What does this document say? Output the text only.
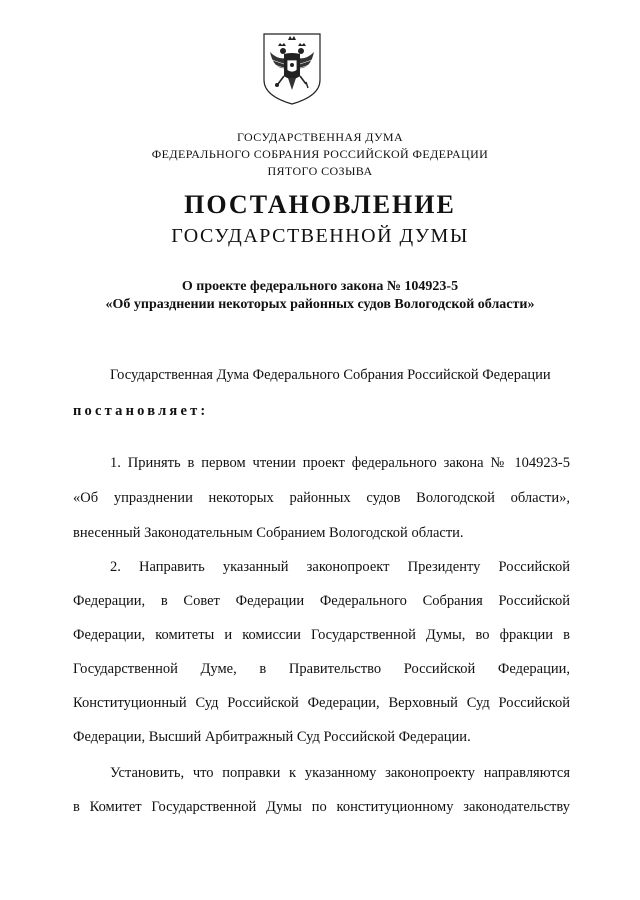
ГОСУДАРСТВЕННАЯ ДУМА
ФЕДЕРАЛЬНОГО СОБРАНИЯ РОССИЙСКОЙ ФЕДЕРАЦИИ
ПЯТОГО СОЗЫВА
ПОСТАНОВЛЕНИЕ
ГОСУДАРСТВЕННОЙ ДУМЫ
О проекте федерального закона № 104923-5
«Об упразднении некоторых районных судов Вологодской области»
Государственная Дума Федерального Собрания Российской Федерации
постановляет:
1. Принять в первом чтении проект федерального закона № 104923-5
«Об упразднении некоторых районных судов Вологодской области»,
внесенный Законодательным Собранием Вологодской области.
2. Направить указанный законопроект Президенту Российской
Федерации, в Совет Федерации Федерального Собрания Российской
Федерации, комитеты и комиссии Государственной Думы, во фракции в
Государственной Думе, в Правительство Российской Федерации,
Конституционный Суд Российской Федерации, Верховный Суд Российской
Федерации, Высший Арбитражный Суд Российской Федерации.
Установить, что поправки к указанному законопроекту направляются
в Комитет Государственной Думы по конституционному законодательству
